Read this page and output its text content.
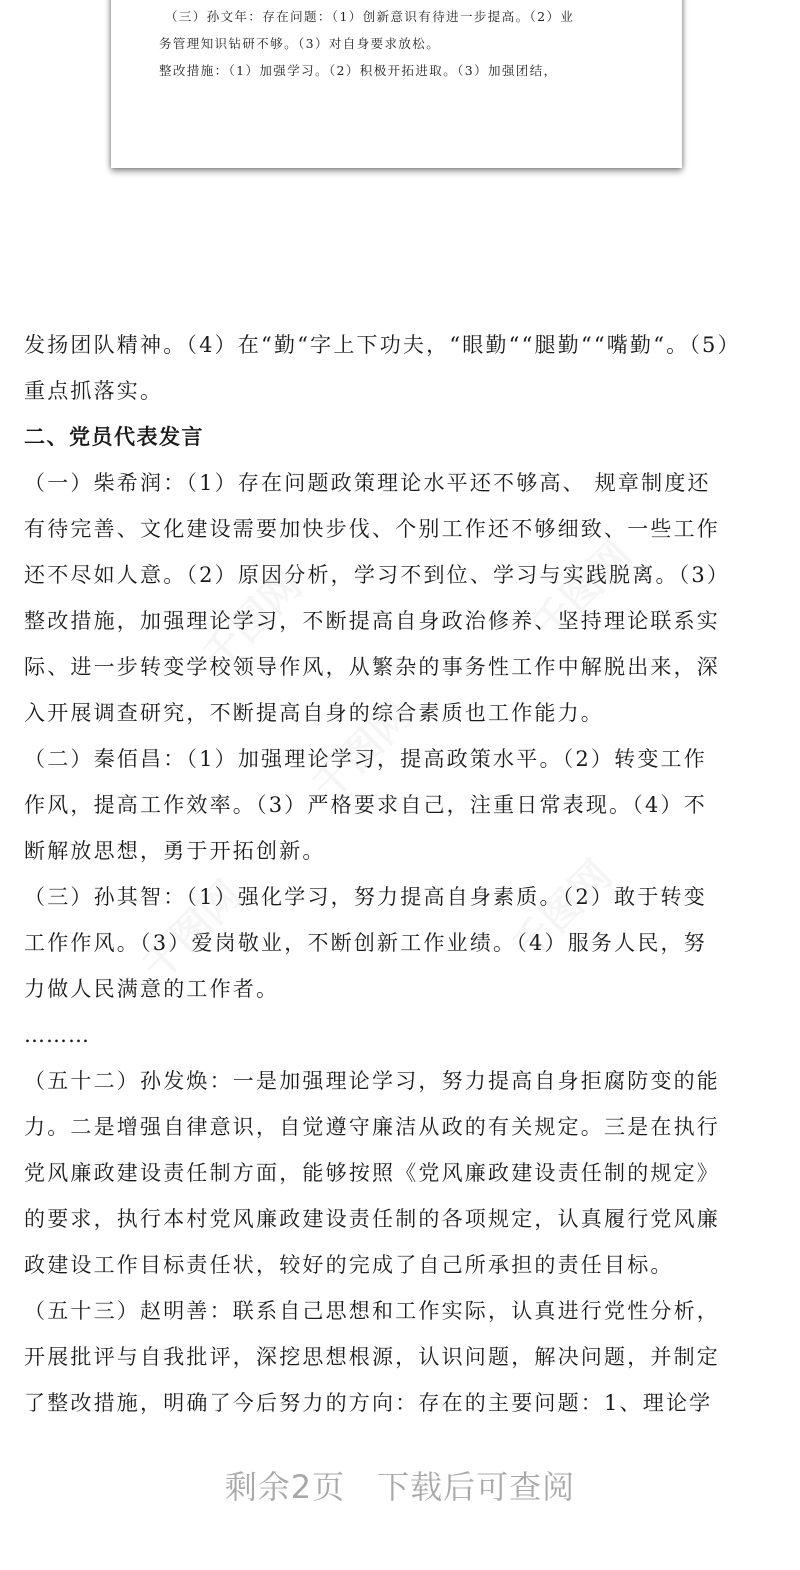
（三）孙文年：存在问题：（1）创新意识有待进一步提高。（2）业
务管理知识钻研不够。（3）对自身要求放松。
整改措施：（1）加强学习。（2）积极开拓进取。（3）加强团结，
千图网	千图网
千图网
千图网	千图网

发扬团队精神。（4）在“勤“字上下功夫，“眼勤““腿勤““嘴勤“。（5）

重点抓落实。

二、党员代表发言

（一）柴希润：（1）存在问题政策理论水平还不够高、 规章制度还

有待完善、文化建设需要加快步伐、个别工作还不够细致、一些工作

还不尽如人意。（2）原因分析，学习不到位、学习与实践脱离。（3）

整改措施，加强理论学习，不断提高自身政治修养、坚持理论联系实

际、进一步转变学校领导作风，从繁杂的事务性工作中解脱出来，深

入开展调查研究，不断提高自身的综合素质也工作能力。

（二）秦佰昌：（1）加强理论学习，提高政策水平。（2）转变工作

作风，提高工作效率。（3）严格要求自己，注重日常表现。（4）不

断解放思想，勇于开拓创新。

（三）孙其智：（1）强化学习，努力提高自身素质。（2）敢于转变

工作作风。（3）爱岗敬业，不断创新工作业绩。（4）服务人民，努

力做人民满意的工作者。

………

（五十二）孙发焕：一是加强理论学习，努力提高自身拒腐防变的能

力。二是增强自律意识，自觉遵守廉洁从政的有关规定。三是在执行

党风廉政建设责任制方面，能够按照《党风廉政建设责任制的规定》

的要求，执行本村党风廉政建设责任制的各项规定，认真履行党风廉

政建设工作目标责任状，较好的完成了自己所承担的责任目标。

（五十三）赵明善：联系自己思想和工作实际，认真进行党性分析，

开展批评与自我批评，深挖思想根源，认识问题，解决问题，并制定

了整改措施，明确了今后努力的方向：存在的主要问题：1、理论学

剩余2页 下载后可查阅
